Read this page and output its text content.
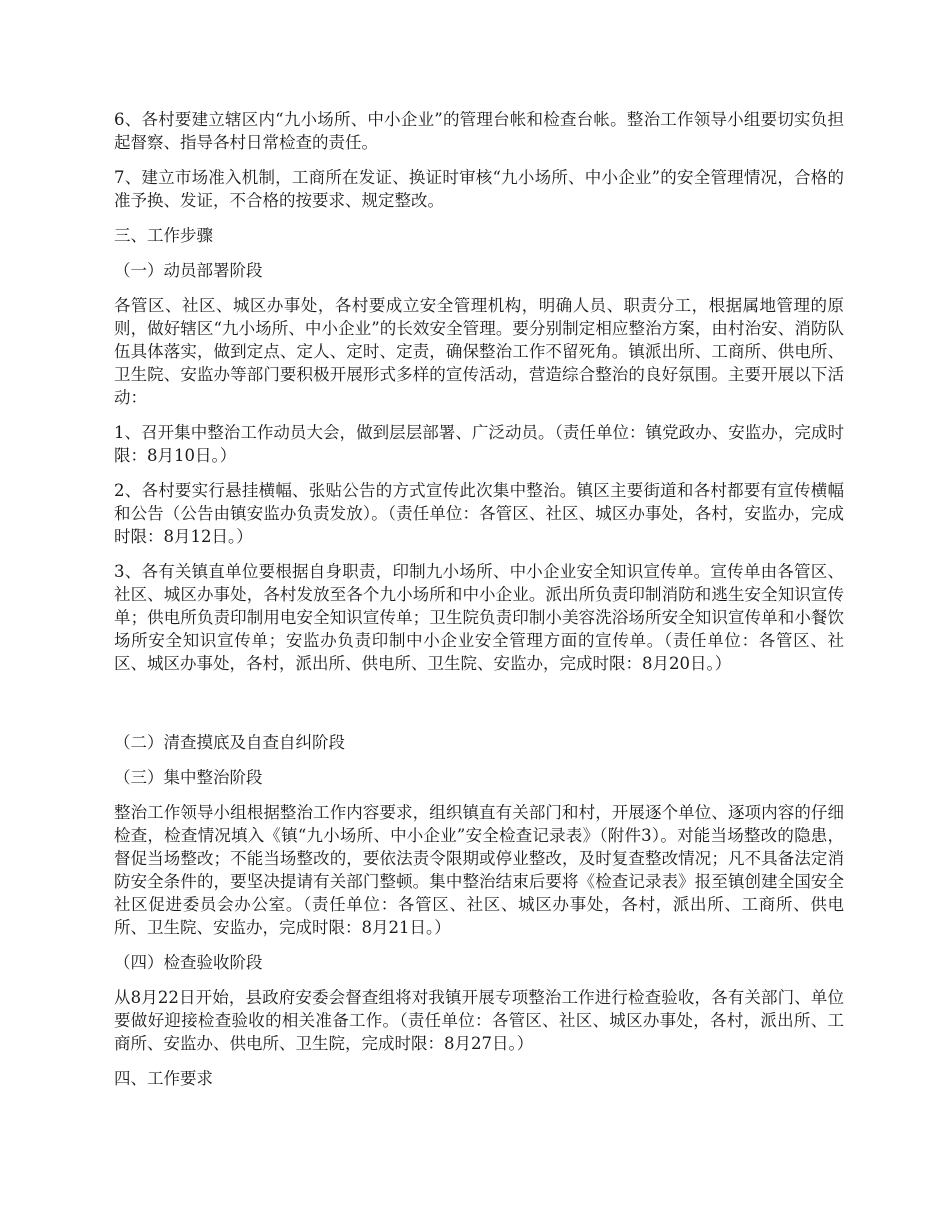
6、各村要建立辖区内“九小场所、中小企业”的管理台帐和检查台帐。整治工作领导小组要切实负担起督察、指导各村日常检查的责任。

7、建立市场准入机制，工商所在发证、换证时审核“九小场所、中小企业”的安全管理情况，合格的准予换、发证，不合格的按要求、规定整改。

三、工作步骤

（一）动员部署阶段

各管区、社区、城区办事处，各村要成立安全管理机构，明确人员、职责分工，根据属地管理的原则，做好辖区“九小场所、中小企业”的长效安全管理。要分别制定相应整治方案，由村治安、消防队伍具体落实，做到定点、定人、定时、定责，确保整治工作不留死角。镇派出所、工商所、供电所、卫生院、安监办等部门要积极开展形式多样的宣传活动，营造综合整治的良好氛围。主要开展以下活动：

1、召开集中整治工作动员大会，做到层层部署、广泛动员。（责任单位：镇党政办、安监办，完成时限：8月10日。）

2、各村要实行悬挂横幅、张贴公告的方式宣传此次集中整治。镇区主要街道和各村都要有宣传横幅和公告（公告由镇安监办负责发放）。（责任单位：各管区、社区、城区办事处，各村，安监办，完成时限：8月12日。）

3、各有关镇直单位要根据自身职责，印制九小场所、中小企业安全知识宣传单。宣传单由各管区、社区、城区办事处，各村发放至各个九小场所和中小企业。派出所负责印制消防和逃生安全知识宣传单；供电所负责印制用电安全知识宣传单；卫生院负责印制小美容洗浴场所安全知识宣传单和小餐饮场所安全知识宣传单；安监办负责印制中小企业安全管理方面的宣传单。（责任单位：各管区、社区、城区办事处，各村，派出所、供电所、卫生院、安监办，完成时限：8月20日。）

（二）清查摸底及自查自纠阶段

（三）集中整治阶段

整治工作领导小组根据整治工作内容要求，组织镇直有关部门和村，开展逐个单位、逐项内容的仔细检查，检查情况填入《镇“九小场所、中小企业”安全检查记录表》（附件3）。对能当场整改的隐患，督促当场整改；不能当场整改的，要依法责令限期或停业整改，及时复查整改情况；凡不具备法定消防安全条件的，要坚决提请有关部门整顿。集中整治结束后要将《检查记录表》报至镇创建全国安全社区促进委员会办公室。（责任单位：各管区、社区、城区办事处，各村，派出所、工商所、供电所、卫生院、安监办，完成时限：8月21日。）

（四）检查验收阶段

从8月22日开始，县政府安委会督查组将对我镇开展专项整治工作进行检查验收，各有关部门、单位要做好迎接检查验收的相关准备工作。（责任单位：各管区、社区、城区办事处，各村，派出所、工商所、安监办、供电所、卫生院，完成时限：8月27日。）

四、工作要求
